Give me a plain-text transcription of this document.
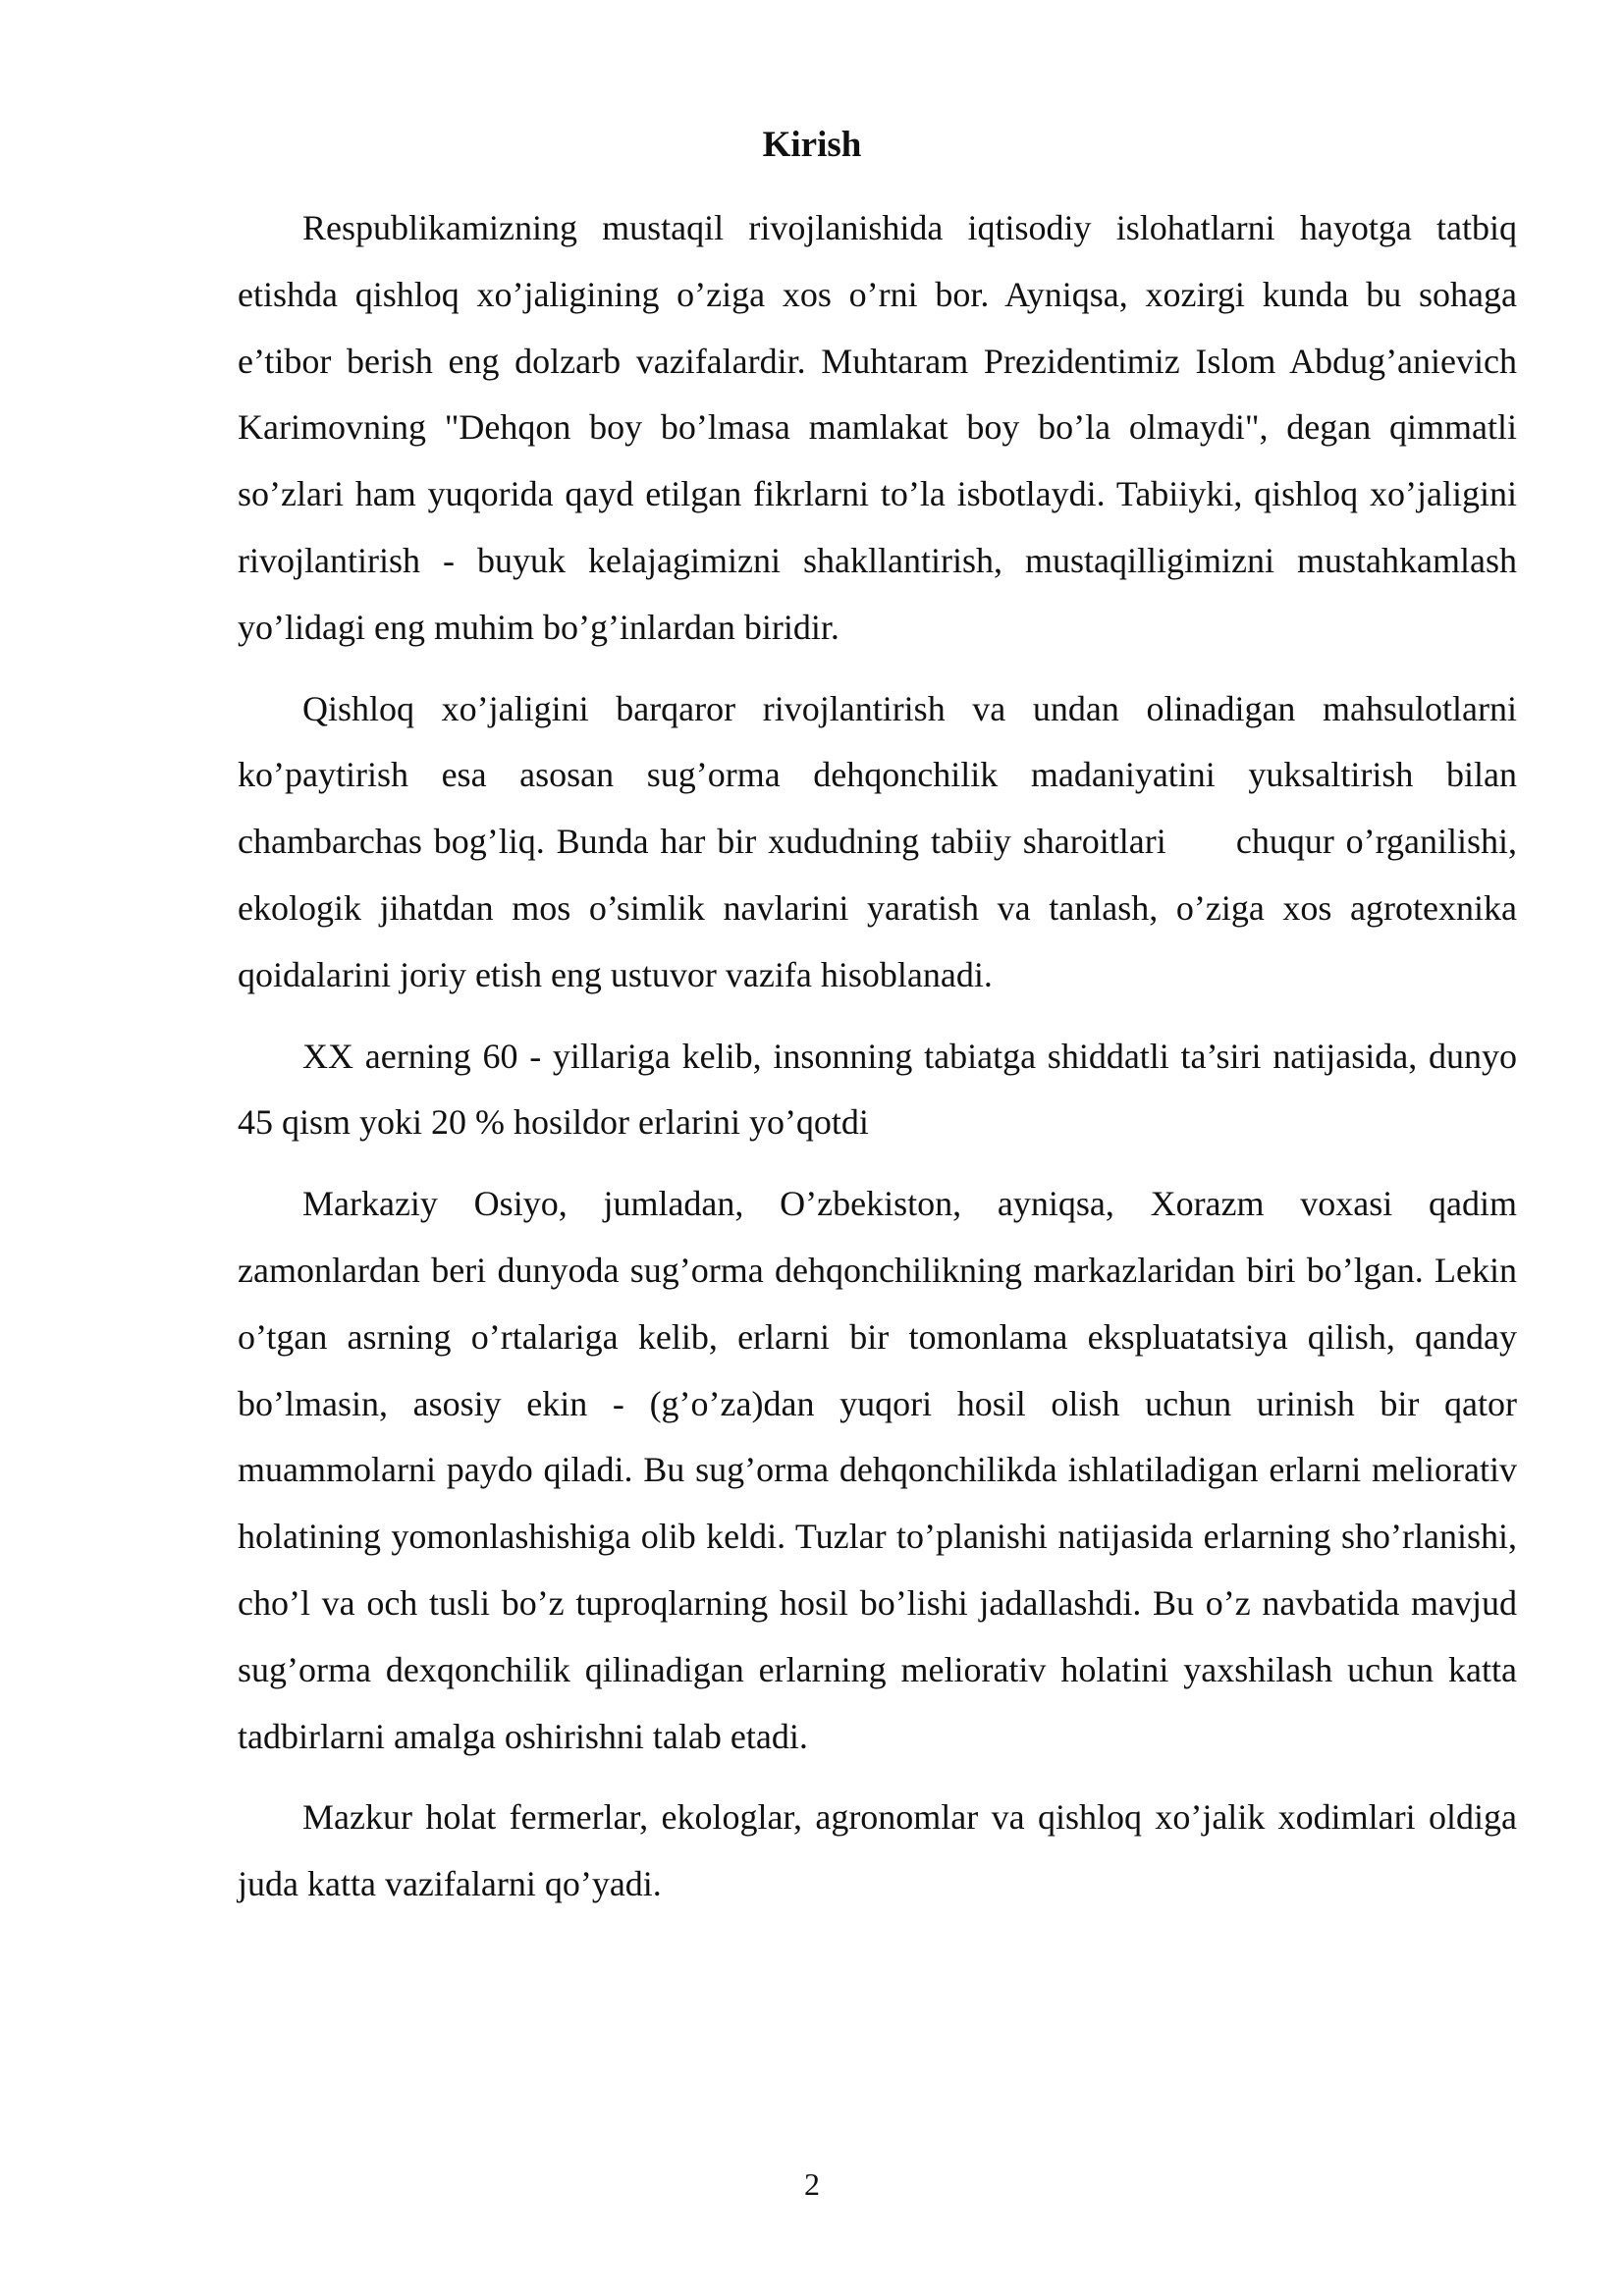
Kirish

Respublikamizning mustaqil rivojlanishida iqtisodiy islohatlarni hayotga tatbiq etishda qishloq xo’jaligining o’ziga xos o’rni bor. Ayniqsa, xozirgi kunda bu sohaga e’tibor berish eng dolzarb vazifalardir. Muhtaram Prezidentimiz Islom Abdug’anievich Karimovning "Dehqon boy bo’lmasa mamlakat boy bo’la olmaydi", degan qimmatli so’zlari ham yuqorida qayd etilgan fikrlarni to’la isbotlaydi. Tabiiyki, qishloq xo’jaligini rivojlantirish - buyuk kelajagimizni shakllantirish, mustaqilligimizni mustahkamlash yo’lidagi eng muhim bo’g’inlardan biridir.

Qishloq xo’jaligini barqaror rivojlantirish va undan olinadigan mahsulotlarni ko’paytirish esa asosan sug’orma dehqonchilik madaniyatini yuksaltirish bilan chambarchas bog’liq. Bunda har bir xududning tabiiy sharoitlari      chuqur o’rganilishi, ekologik jihatdan mos o’simlik navlarini yaratish va tanlash, o’ziga xos agrotexnika qoidalarini joriy etish eng ustuvor vazifa hisoblanadi.

XX aerning 60 - yillariga kelib, insonning tabiatga shiddatli ta’siri natijasida, dunyo 45 qism yoki 20 % hosildor erlarini yo’qotdi

Markaziy Osiyo, jumladan, O’zbekiston, ayniqsa, Xorazm voxasi qadim zamonlardan beri dunyoda sug’orma dehqonchilikning markazlaridan biri bo’lgan. Lekin o’tgan asrning o’rtalariga kelib, erlarni bir tomonlama ekspluatatsiya qilish, qanday bo’lmasin, asosiy ekin - (g’o’za)dan yuqori hosil olish uchun urinish bir qator muammolarni paydo qiladi. Bu sug’orma dehqonchilikda ishlatiladigan erlarni meliorativ holatining yomonlashishiga olib keldi. Tuzlar to’planishi natijasida erlarning sho’rlanishi, cho’l va och tusli bo’z tuproqlarning hosil bo’lishi jadallashdi. Bu o’z navbatida mavjud sug’orma dexqonchilik qilinadigan erlarning meliorativ holatini yaxshilash uchun katta tadbirlarni amalga oshirishni talab etadi.

Mazkur holat fermerlar, ekologlar, agronomlar va qishloq xo’jalik xodimlari oldiga juda katta vazifalarni qo’yadi.

2
